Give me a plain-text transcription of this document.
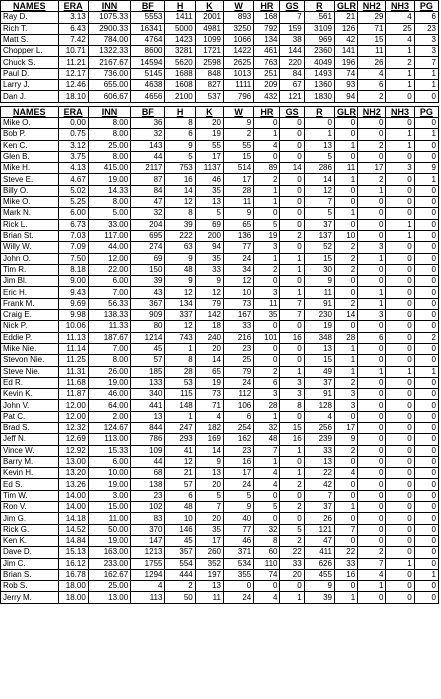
NAMES	ERA	INN	BF	H	K	W	HR	GS	R	GLR	NH2	NH3	PG
Ray D.	3.13	1075.33	5553	1411	2001	893	168	7	561	21	29	4	6
Rich T.	6.43	2900.33	16341	5000	4981	3250	792	159	3109	126	71	25	23
Matt S.	7.42	784.00	4764	1423	1099	1066	134	38	969	42	15	4	3
Chopper L.	10.71	1322.33	8600	3281	1721	1422	461	144	2360	141	11	1	3
Chuck S.	11.21	2167.67	14594	5620	2598	2625	763	220	4049	196	26	2	7
Paul D.	12.17	736.00	5145	1688	848	1013	251	84	1493	74	4	1	1
Larry J.	12.46	655.00	4638	1608	827	1111	209	67	1360	93	6	1	1
Dan J.	18.10	606.67	4656	2100	537	796	432	121	1830	94	2	0	0

NAMES	ERA	INN	BF	H	K	W	HR	GS	R	GLR	NH2	NH3	PG
Mike O.	0.00	8.00	36	8	20	9	0	0	0	0	0	0	0
Bob P.	0.75	8.00	32	6	19	2	1	0	1	0	0	1	1
Ken C.	3.12	25.00	143	9	55	55	4	0	13	1	2	1	0
Glen B.	3.75	8.00	44	5	17	15	0	0	5	0	0	0	0
Mike H.	4.13	415.00	2117	753	1137	514	89	14	286	11	17	3	9
Steve E.	4.67	19.00	87	16	46	17	2	0	14	1	2	0	1
Billy O.	5.02	14.33	84	14	35	28	1	0	12	0	1	0	0
Mike O.	5.25	8.00	47	12	13	11	1	0	7	0	0	0	0
Mark N.	6.00	5.00	32	8	5	9	0	0	5	1	0	0	0
Rick L.	6.73	33.00	204	39	69	65	5	0	37	0	0	1	0
Brian St.	7.03	117.00	695	222	200	136	19	2	137	10	0	1	0
Willy W.	7.09	44.00	274	63	94	77	3	0	52	2	3	0	0
John O.	7.50	12.00	69	9	35	24	1	1	15	2	1	0	0
Tim R.	8.18	22.00	150	48	33	34	2	1	30	2	0	0	0
Jim Bl.	9.00	6.00	39	9	9	12	0	0	9	0	0	0	0
Eric H.	9.43	7.00	43	12	12	10	3	1	11	0	1	0	0
Frank M.	9.69	56.33	367	134	79	73	11	7	91	2	1	0	0
Craig E.	9.98	138.33	909	337	142	167	35	7	230	14	3	0	0
Nick P.	10.06	11.33	80	12	18	33	0	0	19	0	0	0	0
Eddie P.	11.13	187.67	1214	743	240	216	101	16	348	28	6	0	2
Mike Nie.	11.14	7.00	45	1	20	23	0	0	13	1	0	0	0
Stevon Nie.	11.25	8.00	57	8	14	25	0	0	15	1	0	0	0
Steve Nie.	11.31	26.00	185	28	65	79	2	1	49	1	1	1	1
Ed R.	11.68	19.00	133	53	19	24	6	3	37	2	0	0	0
Kevin K.	11.87	46.00	340	115	73	112	3	3	91	3	0	0	0
John V.	12.00	64.00	441	148	71	106	28	8	128	3	0	0	0
Pat C.	12.00	2.00	13	1	4	6	1	0	4	0	0	0	0
Brad S.	12.32	124.67	844	247	182	254	32	15	256	17	0	0	0
Jeff N.	12.69	113.00	786	293	169	162	48	16	239	9	0	0	0
Vince W.	12.92	15.33	109	41	14	23	7	1	33	2	0	0	0
Barry M.	13.00	6.00	44	12	9	16	1	0	13	0	0	0	0
Kevin H.	13.20	10.00	68	21	13	17	4	1	22	4	0	0	0
Ed S.	13.26	19.00	138	57	20	24	4	2	42	0	0	0	0
Tim W.	14.00	3.00	23	6	5	5	0	0	7	0	0	0	0
Ron V.	14.00	15.00	102	48	7	9	5	2	37	1	0	0	0
Jim G.	14.18	11.00	83	10	20	40	0	0	26	0	0	0	0
Rick G.	14.52	50.00	370	146	35	77	32	5	121	7	0	0	0
Ken K.	14.84	19.00	147	45	17	46	8	2	47	0	0	0	0
Dave D.	15.13	163.00	1213	357	260	371	60	22	411	22	2	0	0
Jim C.	16.12	233.00	1755	554	352	534	110	33	626	33	7	1	0
Brian S.	16.78	162.67	1294	444	197	355	74	20	455	16	4	0	1
Rob S.	18.00	25.00	4	2	13	0	0	0	9	0	1	0	0
Jerry M.	18.00	13.00	113	50	11	24	4	1	39	1	0	0	0
